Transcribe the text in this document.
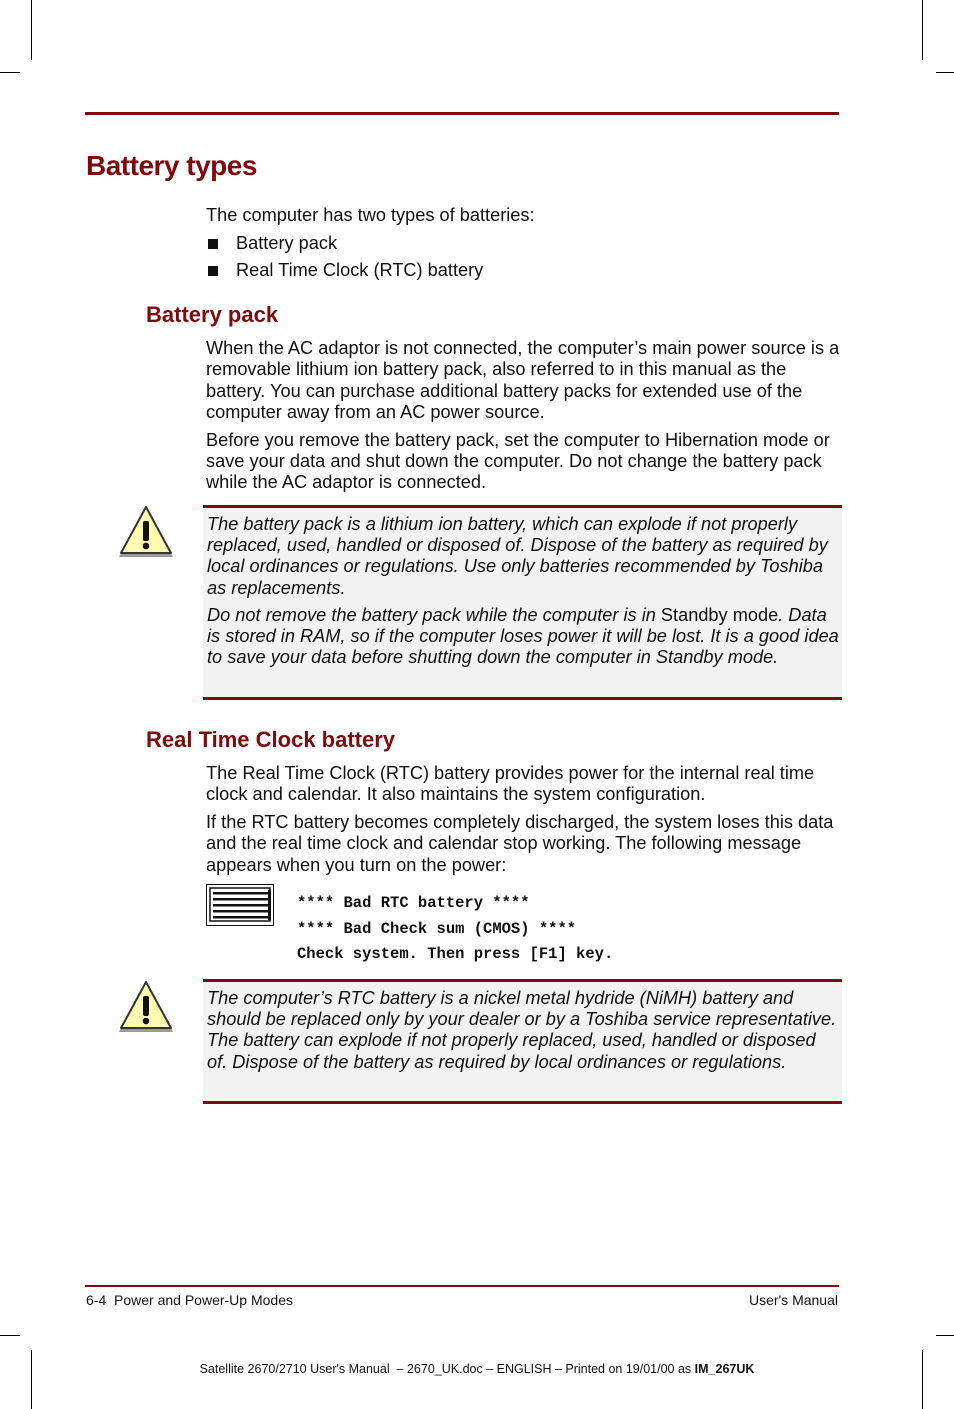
Battery types

The computer has two types of batteries:

Battery pack
Real Time Clock (RTC) battery
Battery pack

When the AC adaptor is not connected, the computer’s main power source is a removable lithium ion battery pack, also referred to in this manual as the battery. You can purchase additional battery packs for extended use of the computer away from an AC power source.

Before you remove the battery pack, set the computer to Hibernation mode or save your data and shut down the computer. Do not change the battery pack while the AC adaptor is connected.

The battery pack is a lithium ion battery, which can explode if not properly replaced, used, handled or disposed of. Dispose of the battery as required by local ordinances or regulations. Use only batteries recommended by Toshiba as replacements.

Do not remove the battery pack while the computer is in Standby mode. Data is stored in RAM, so if the computer loses power it will be lost. It is a good idea to save your data before shutting down the computer in Standby mode.

Real Time Clock battery

The Real Time Clock (RTC) battery provides power for the internal real time clock and calendar. It also maintains the system configuration.

If the RTC battery becomes completely discharged, the system loses this data and the real time clock and calendar stop working. The following message appears when you turn on the power:

**** Bad RTC battery ****
**** Bad Check sum (CMOS) ****
Check system. Then press [F1] key.

The computer’s RTC battery is a nickel metal hydride (NiMH) battery and should be replaced only by your dealer or by a Toshiba service representative. The battery can explode if not properly replaced, used, handled or disposed of. Dispose of the battery as required by local ordinances or regulations.

6-4  Power and Power-Up Modes	User's Manual
Satellite 2670/2710 User's Manual  – 2670_UK.doc – ENGLISH – Printed on 19/01/00 as IM_267UK
